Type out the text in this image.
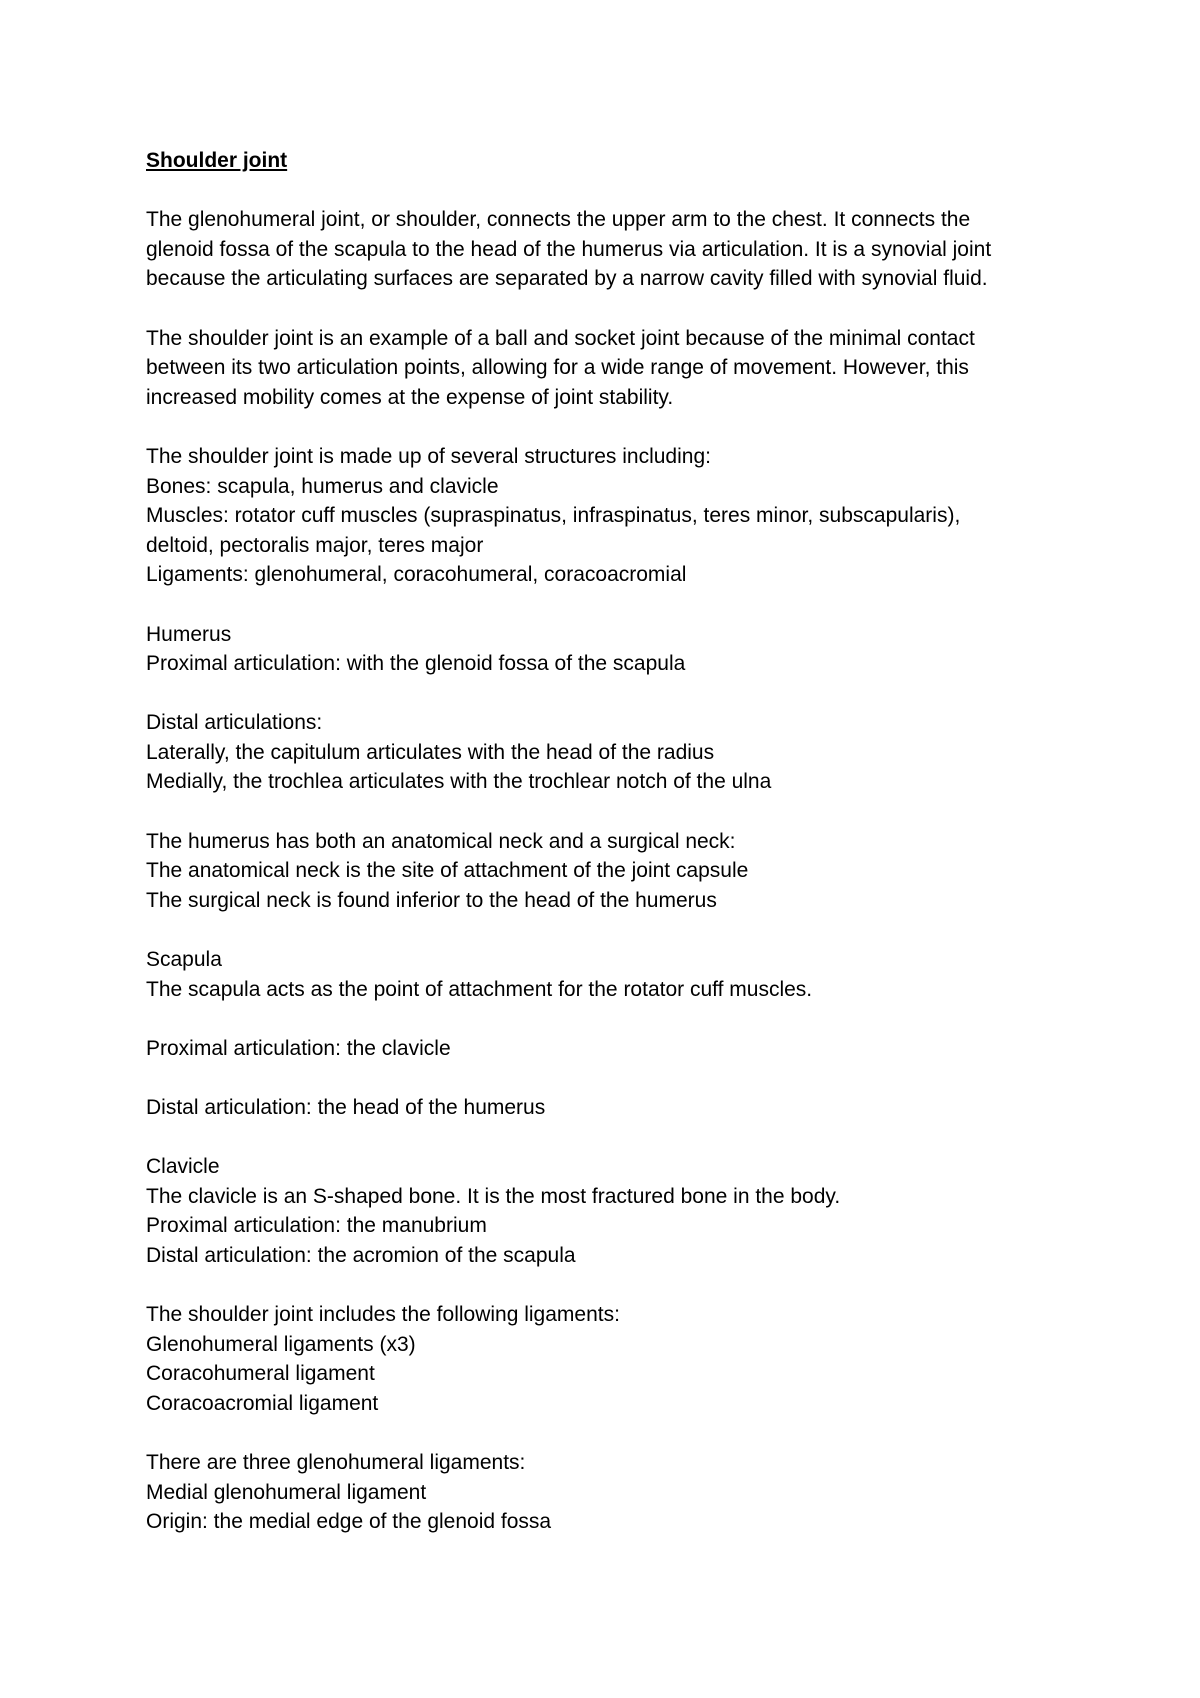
Shoulder joint

The glenohumeral joint, or shoulder, connects the upper arm to the chest. It connects the

glenoid fossa of the scapula to the head of the humerus via articulation. It is a synovial joint

because the articulating surfaces are separated by a narrow cavity filled with synovial fluid.

The shoulder joint is an example of a ball and socket joint because of the minimal contact

between its two articulation points, allowing for a wide range of movement. However, this

increased mobility comes at the expense of joint stability.

The shoulder joint is made up of several structures including:

Bones: scapula, humerus and clavicle

Muscles: rotator cuff muscles (supraspinatus, infraspinatus, teres minor, subscapularis),

deltoid, pectoralis major, teres major

Ligaments: glenohumeral, coracohumeral, coracoacromial

Humerus

Proximal articulation: with the glenoid fossa of the scapula

Distal articulations:

Laterally, the capitulum articulates with the head of the radius

Medially, the trochlea articulates with the trochlear notch of the ulna

The humerus has both an anatomical neck and a surgical neck:

The anatomical neck is the site of attachment of the joint capsule

The surgical neck is found inferior to the head of the humerus

Scapula

The scapula acts as the point of attachment for the rotator cuff muscles.

Proximal articulation: the clavicle

Distal articulation: the head of the humerus

Clavicle

The clavicle is an S-shaped bone. It is the most fractured bone in the body.

Proximal articulation: the manubrium

Distal articulation: the acromion of the scapula

The shoulder joint includes the following ligaments:

Glenohumeral ligaments (x3)

Coracohumeral ligament

Coracoacromial ligament

There are three glenohumeral ligaments:

Medial glenohumeral ligament

Origin: the medial edge of the glenoid fossa
